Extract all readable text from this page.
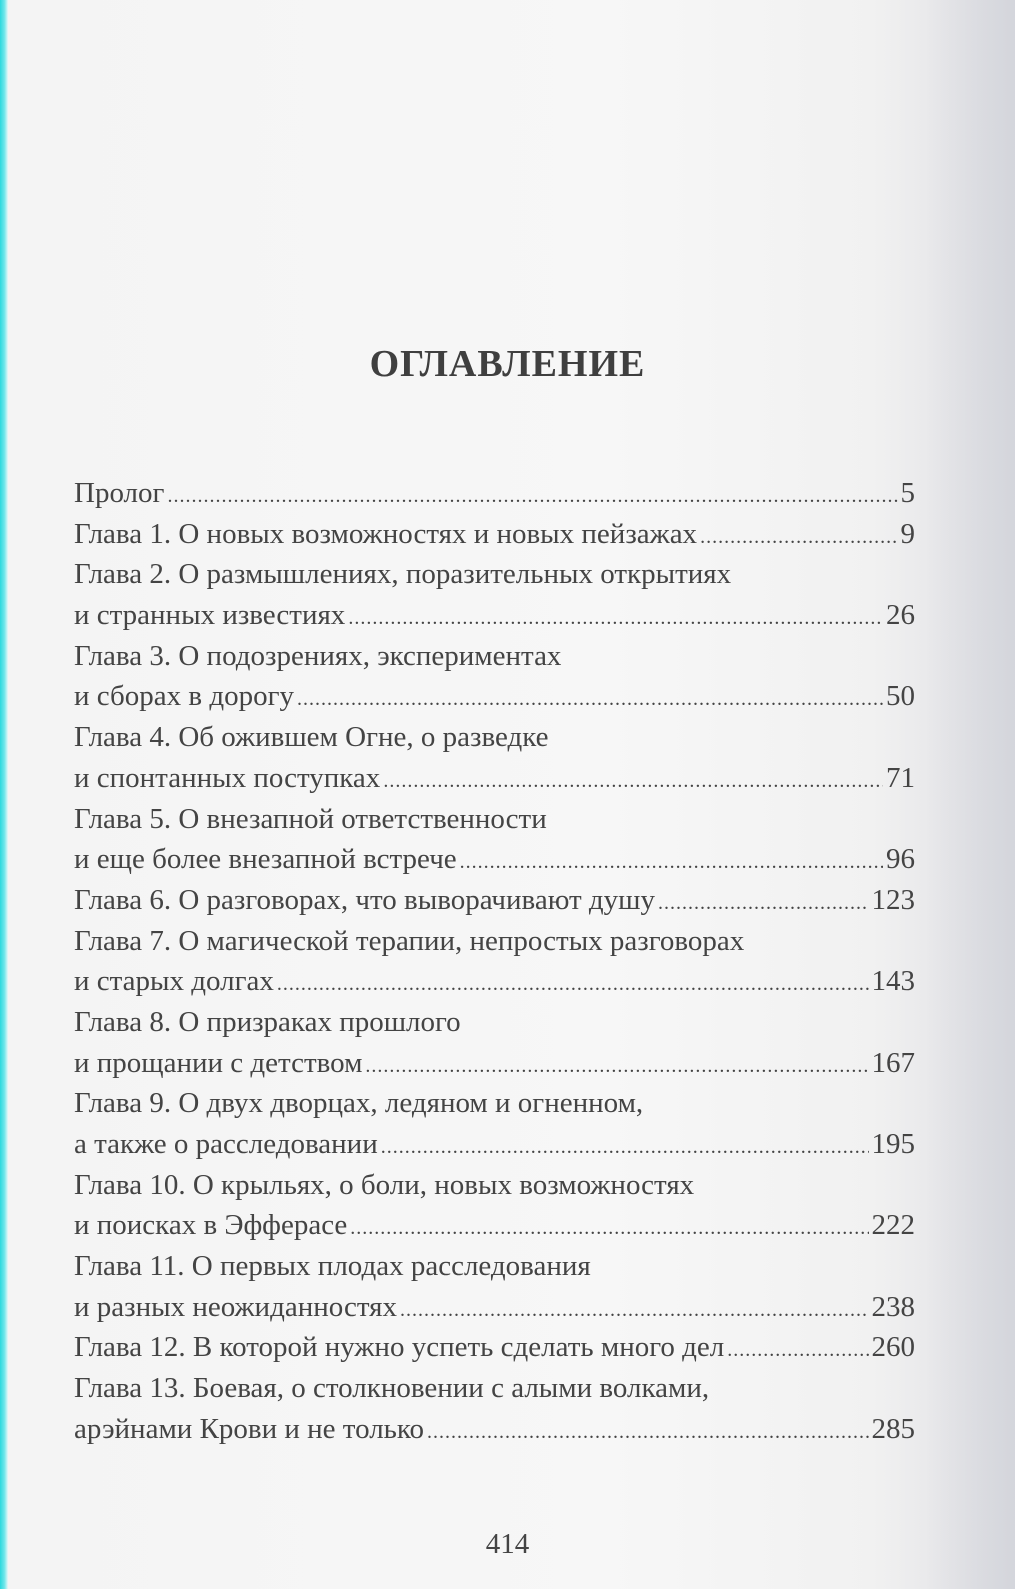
ОГЛАВЛЕНИЕ
Пролог .....	5
Глава 1. О новых возможностях и новых пейзажах .....	9
Глава 2. О размышлениях, поразительных открытиях
и странных известиях .....	26
Глава 3. О подозрениях, экспериментах
и сборах в дорогу .....	50
Глава 4. Об ожившем Огне, о разведке
и спонтанных поступках .....	71
Глава 5. О внезапной ответственности
и еще более внезапной встрече .....	96
Глава 6. О разговорах, что выворачивают душу .....	123
Глава 7. О магической терапии, непростых разговорах
и старых долгах .....	143
Глава 8. О призраках прошлого
и прощании с детством .....	167
Глава 9. О двух дворцах, ледяном и огненном,
а также о расследовании .....	195
Глава 10. О крыльях, о боли, новых возможностях
и поисках в Эфферасе .....	222
Глава 11. О первых плодах расследования
и разных неожиданностях .....	238
Глава 12. В которой нужно успеть сделать много дел .....	260
Глава 13. Боевая, о столкновении с алыми волками,
арэйнами Крови и не только .....	285
414
